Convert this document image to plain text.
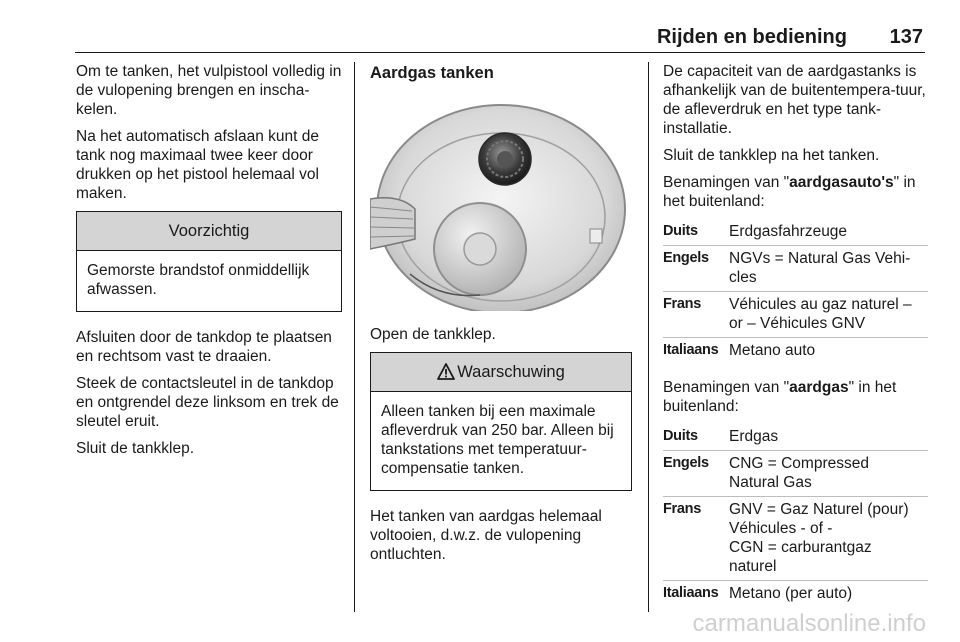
Rijden en bediening 137

Om te tanken, het vulpistool volledig in de vulopening brengen en inscha-kelen.

Na het automatisch afslaan kunt de tank nog maximaal twee keer door drukken op het pistool helemaal vol maken.

Voorzichtig
Gemorste brandstof onmiddellijk afwassen.

Afsluiten door de tankdop te plaatsen en rechtsom vast te draaien.

Steek de contactsleutel in de tankdop en ontgrendel deze linksom en trek de sleutel eruit.

Sluit de tankklep.

Aardgas tanken

Open de tankklep.

Waarschuwing
Alleen tanken bij een maximale afleverdruk van 250 bar. Alleen bij tankstations met temperatuur-compensatie tanken.

Het tanken van aardgas helemaal voltooien, d.w.z. de vulopening ontluchten.

De capaciteit van de aardgastanks is afhankelijk van de buitentempera-tuur, de afleverdruk en het type tank-installatie.

Sluit de tankklep na het tanken.

Benamingen van "aardgasauto's" in het buitenland:

Duits	Erdgasfahrzeuge
Engels	NGVs = Natural Gas Vehi-cles
Frans	Véhicules au gaz naturel – or – Véhicules GNV
Italiaans Metano auto

Benamingen van "aardgas" in het buitenland:

Duits	Erdgas
Engels	CNG = Compressed
Natural Gas
Frans	GNV = Gaz Naturel (pour)
Véhicules - of -
CGN = carburantgaz
naturel
Italiaans Metano (per auto)
carmanualsonline.info
